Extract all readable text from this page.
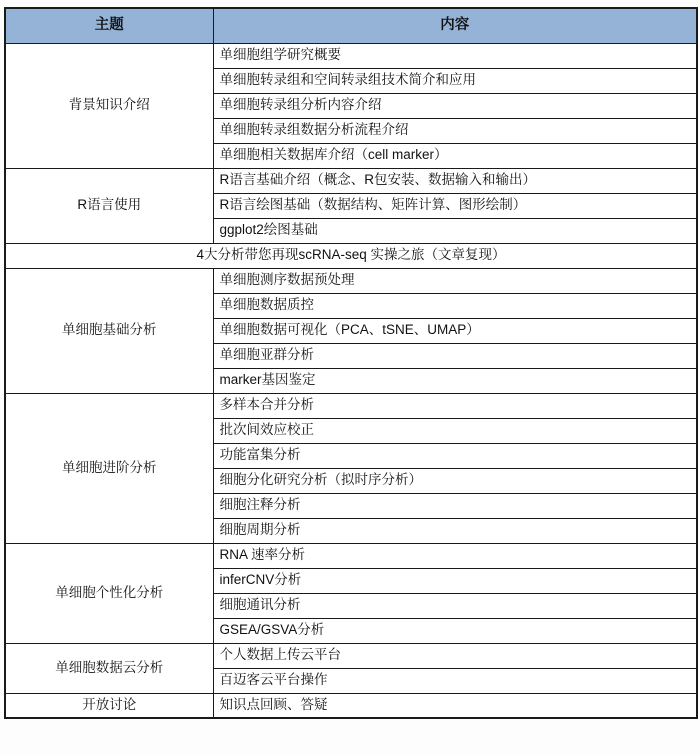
主题	内容
背景知识介绍	单细胞组学研究概要
	单细胞转录组和空间转录组技术简介和应用
	单细胞转录组分析内容介绍
	单细胞转录组数据分析流程介绍
	单细胞相关数据库介绍（cell marker）
R语言使用	R语言基础介绍（概念、R包安装、数据输入和输出）
	R语言绘图基础（数据结构、矩阵计算、图形绘制）
	ggplot2绘图基础
4大分析带您再现scRNA-seq 实操之旅（文章复现）	
单细胞基础分析	单细胞测序数据预处理
	单细胞数据质控
	单细胞数据可视化（PCA、tSNE、UMAP）
	单细胞亚群分析
	marker基因鉴定
单细胞进阶分析	多样本合并分析
	批次间效应校正
	功能富集分析
	细胞分化研究分析（拟时序分析）
	细胞注释分析
	细胞周期分析
单细胞个性化分析	RNA 速率分析
	inferCNV分析
	细胞通讯分析
	GSEA/GSVA分析
单细胞数据云分析	个人数据上传云平台
	百迈客云平台操作
开放讨论	知识点回顾、答疑
